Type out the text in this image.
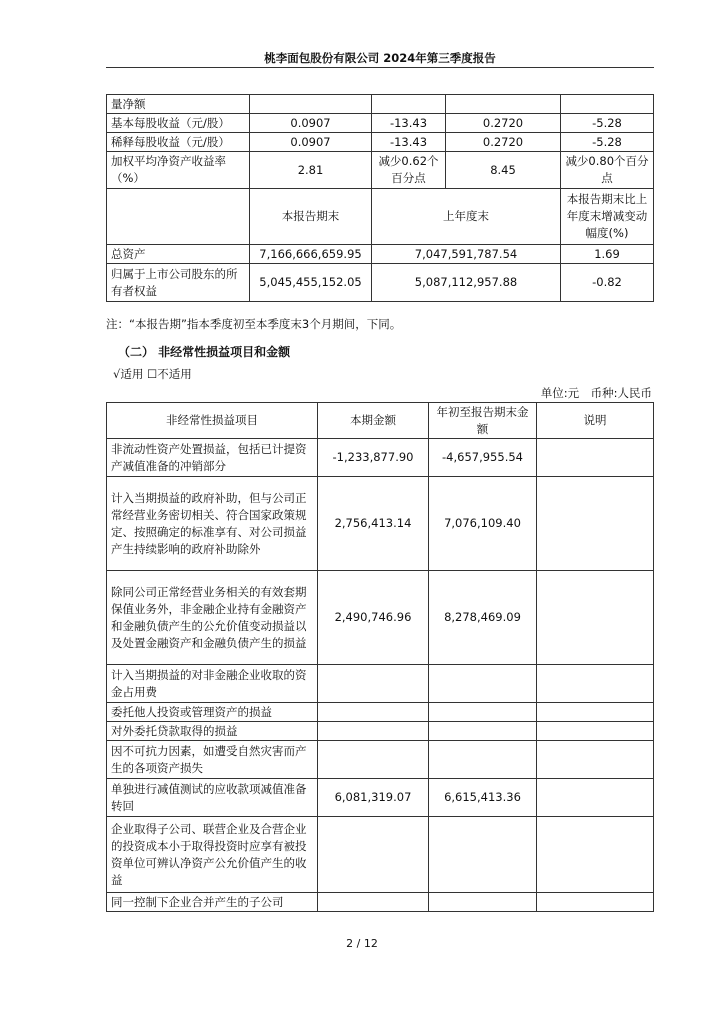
桃李面包股份有限公司 2024年第三季度报告
量净额				
基本每股收益（元/股）	0.0907	-13.43	0.2720	-5.28
稀释每股收益（元/股）	0.0907	-13.43	0.2720	-5.28
加权平均净资产收益率（%）	2.81	减少0.62个百分点	8.45	减少0.80个百分点
	本报告期末	上年度末		本报告期末比上年度末增减变动幅度(%)
总资产	7,166,666,659.95	7,047,591,787.54		1.69
归属于上市公司股东的所有者权益	5,045,455,152.05	5,087,112,957.88		-0.82
注：“本报告期”指本季度初至本季度末3个月期间，下同。
（二） 非经常性损益项目和金额
√适用 ☐不适用
单位:元　币种:人民币
非经常性损益项目	本期金额	年初至报告期末金额	说明
非流动性资产处置损益，包括已计提资产减值准备的冲销部分	-1,233,877.90	-4,657,955.54	
计入当期损益的政府补助，但与公司正常经营业务密切相关、符合国家政策规定、按照确定的标准享有、对公司损益产生持续影响的政府补助除外	2,756,413.14	7,076,109.40	
除同公司正常经营业务相关的有效套期保值业务外，非金融企业持有金融资产和金融负债产生的公允价值变动损益以及处置金融资产和金融负债产生的损益	2,490,746.96	8,278,469.09	
计入当期损益的对非金融企业收取的资金占用费			
委托他人投资或管理资产的损益			
对外委托贷款取得的损益			
因不可抗力因素，如遭受自然灾害而产生的各项资产损失			
单独进行减值测试的应收款项减值准备转回	6,081,319.07	6,615,413.36	
企业取得子公司、联营企业及合营企业的投资成本小于取得投资时应享有被投资单位可辨认净资产公允价值产生的收益			
同一控制下企业合并产生的子公司			
2 / 12
